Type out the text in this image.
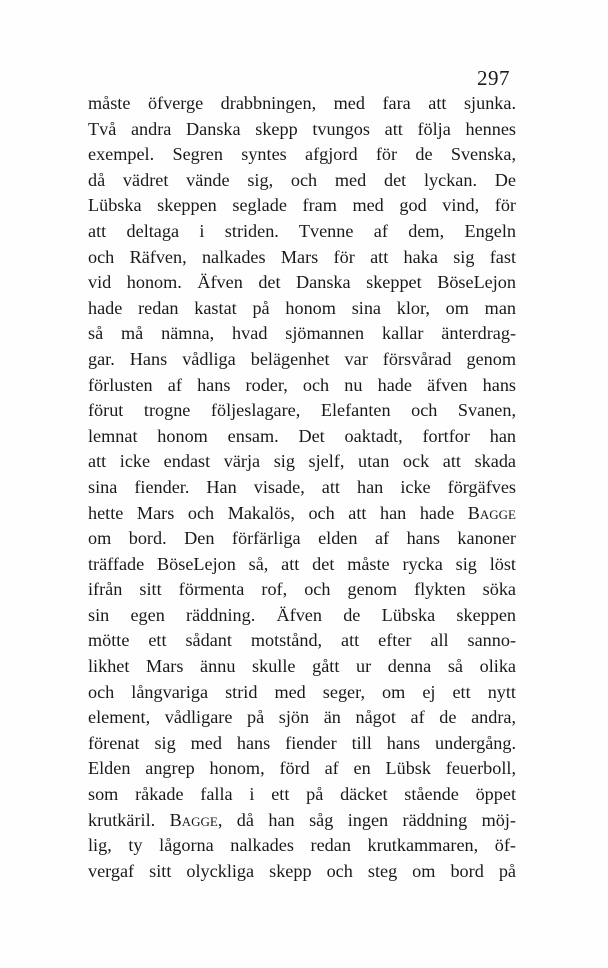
297
måste öfverge drabbningen, med fara att sjunka.
Två andra Danska skepp tvungos att följa hennes
exempel. Segren syntes afgjord för de Svenska,
då vädret vände sig, och med det lyckan. De
Lübska skeppen seglade fram med god vind, för
att deltaga i striden. Tvenne af dem, Engeln
och Räfven, nalkades Mars för att haka sig fast
vid honom. Äfven det Danska skeppet BöseLejon
hade redan kastat på honom sina klor, om man
så må nämna, hvad sjömannen kallar änterdrag-
gar. Hans vådliga belägenhet var försvårad genom
förlusten af hans roder, och nu hade äfven hans
förut trogne följeslagare, Elefanten och Svanen,
lemnat honom ensam. Det oaktadt, fortfor han
att icke endast värja sig sjelf, utan ock att skada
sina fiender. Han visade, att han icke förgäfves
hette Mars och Makalös, och att han hade Bagge
om bord. Den förfärliga elden af hans kanoner
träffade BöseLejon så, att det måste rycka sig löst
ifrån sitt förmenta rof, och genom flykten söka
sin egen räddning. Äfven de Lübska skeppen
mötte ett sådant motstånd, att efter all sanno-
likhet Mars ännu skulle gått ur denna så olika
och långvariga strid med seger, om ej ett nytt
element, vådligare på sjön än något af de andra,
förenat sig med hans fiender till hans undergång.
Elden angrep honom, förd af en Lübsk feuerboll,
som råkade falla i ett på däcket stående öppet
krutkäril. Bagge, då han såg ingen räddning möj-
lig, ty lågorna nalkades redan krutkammaren, öf-
vergaf sitt olyckliga skepp och steg om bord på
